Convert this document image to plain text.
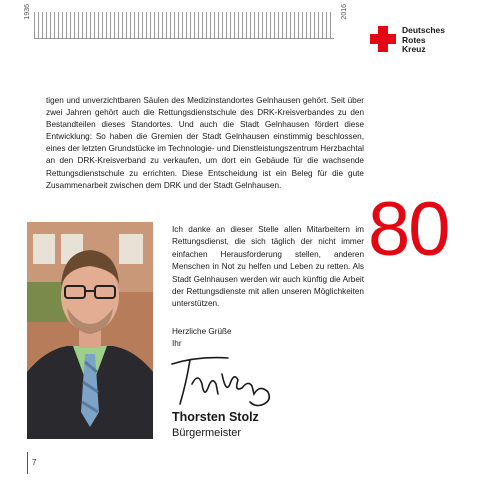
1936	2016
Deutsches
Rotes
Kreuz

tigen und unverzichtbaren Säulen des Medizinstandortes Gelnhausen gehört. Seit über zwei Jahren gehört auch die Rettungsdienstschule des DRK-Kreisverbandes zu den Bestandteilen dieses Standortes. Und auch die Stadt Gelnhausen fördert diese Entwicklung: So haben die Gremien der Stadt Gelnhausen einstimmig beschlossen, eines der letzten Grundstücke im Technologie- und Dienstleistungszentrum Herzbachtal an den DRK-Kreisverband zu verkaufen, um dort ein Gebäude für die wachsende Rettungsdienstschule zu errichten. Diese Entscheidung ist ein Beleg für die gute Zusammenarbeit zwischen dem DRK und der Stadt Gelnhausen.

80

Ich danke an dieser Stelle allen Mitarbeitern im Rettungsdienst, die sich täglich der nicht immer einfachen Herausforderung stellen, anderen Menschen in Not zu helfen und Leben zu retten. Als Stadt Gelnhausen werden wir auch künftig die Arbeit der Rettungsdienste mit allen unseren Möglichkeiten unterstützen.

Herzliche Grüße
Ihr
Thorsten Stolz
Bürgermeister
7
